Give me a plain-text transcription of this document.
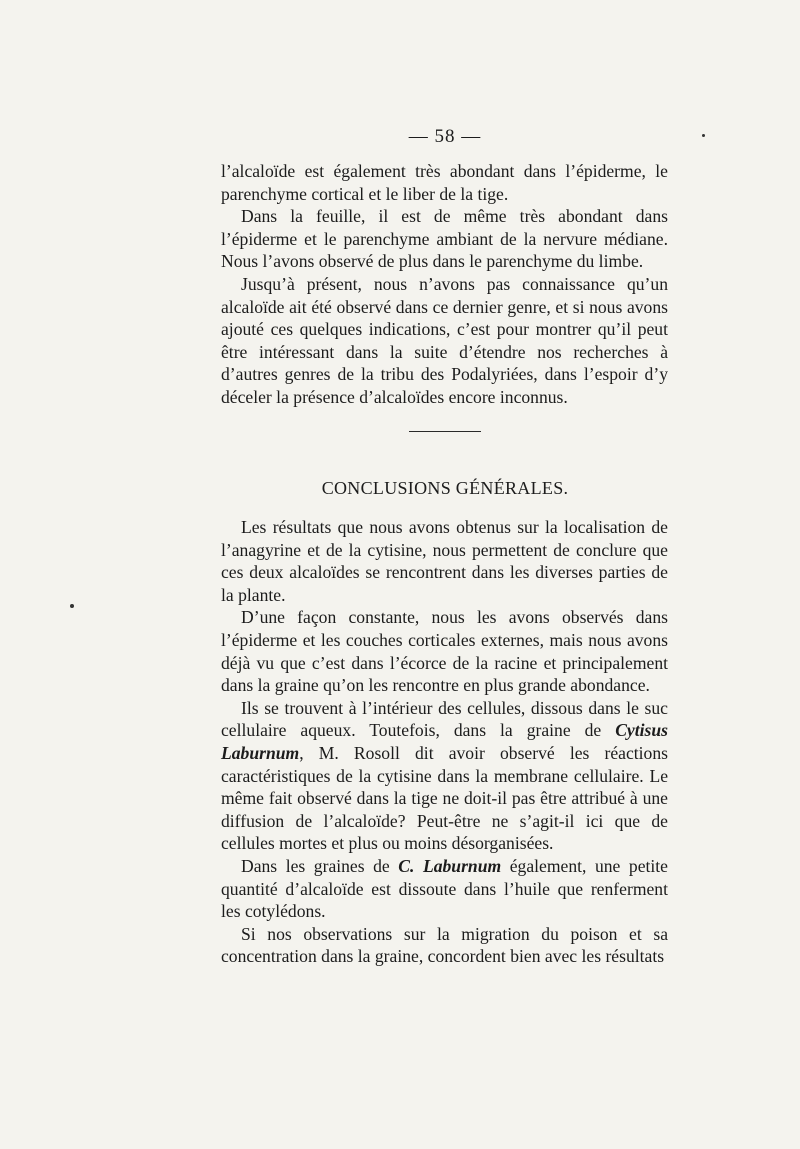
— 58 —

l’alcaloïde est également très abondant dans l’épiderme, le parenchyme cortical et le liber de la tige.

Dans la feuille, il est de même très abondant dans l’épiderme et le parenchyme ambiant de la nervure médiane. Nous l’avons observé de plus dans le parenchyme du limbe.

Jusqu’à présent, nous n’avons pas connaissance qu’un alcaloïde ait été observé dans ce dernier genre, et si nous avons ajouté ces quelques indications, c’est pour montrer qu’il peut être intéressant dans la suite d’étendre nos recherches à d’autres genres de la tribu des Podalyriées, dans l’espoir d’y déceler la présence d’alcaloïdes encore inconnus.

CONCLUSIONS GÉNÉRALES.

Les résultats que nous avons obtenus sur la localisation de l’anagyrine et de la cytisine, nous permettent de conclure que ces deux alcaloïdes se rencontrent dans les diverses parties de la plante.

D’une façon constante, nous les avons observés dans l’épiderme et les couches corticales externes, mais nous avons déjà vu que c’est dans l’écorce de la racine et principalement dans la graine qu’on les rencontre en plus grande abondance.

Ils se trouvent à l’intérieur des cellules, dissous dans le suc cellulaire aqueux. Toutefois, dans la graine de Cytisus Laburnum, M. Rosoll dit avoir observé les réactions caractéristiques de la cytisine dans la membrane cellulaire. Le même fait observé dans la tige ne doit-il pas être attribué à une diffusion de l’alcaloïde? Peut-être ne s’agit-il ici que de cellules mortes et plus ou moins désorganisées.

Dans les graines de C. Laburnum également, une petite quantité d’alcaloïde est dissoute dans l’huile que renferment les cotylédons.

Si nos observations sur la migration du poison et sa concentration dans la graine, concordent bien avec les résultats
